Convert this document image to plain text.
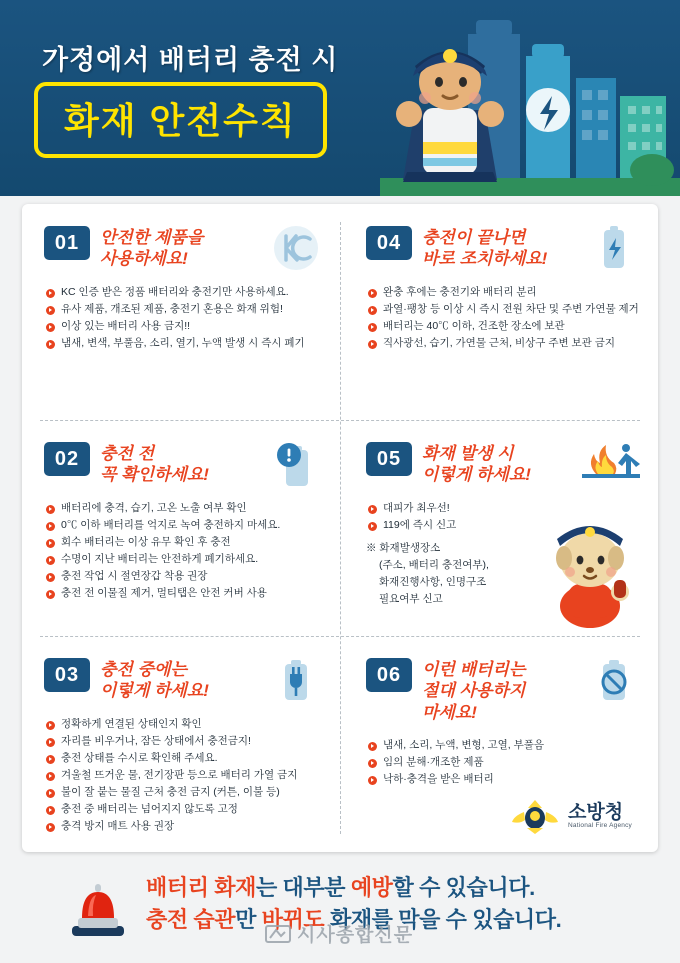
가정에서 배터리 충전 시
화재 안전수칙
01	안전한 제품을
사용하세요!
KC 인증 받은 정품 배터리와 충전기만 사용하세요.
유사 제품, 개조된 제품, 충전기 혼용은 화재 위험!
이상 있는 배터리 사용 금지!!
냄새, 변색, 부풀음, 소리, 열기, 누액 발생 시 즉시 폐기
04	충전이 끝나면
바로 조치하세요!
완충 후에는 충전기와 배터리 분리
과열·팽창 등 이상 시 즉시 전원 차단 및 주변 가연물 제거
배터리는 40℃ 이하, 건조한 장소에 보관
직사광선, 습기, 가연물 근처, 비상구 주변 보관 금지
02	충전 전
꼭 확인하세요!
배터리에 충격, 습기, 고온 노출 여부 확인
0℃ 이하 배터리를 억지로 녹여 충전하지 마세요.
회수 배터리는 이상 유무 확인 후 충전
수명이 지난 배터리는 안전하게 폐기하세요.
충전 작업 시 절연장갑 착용 권장
충전 전 이물질 제거, 멀티탭은 안전 커버 사용
05	화재 발생 시
이렇게 하세요!
대피가 최우선!
119에 즉시 신고
※ 화재발생장소
(주소, 배터리 충전여부),
화재진행사항, 인명구조
필요여부 신고
03	충전 중에는
이렇게 하세요!
정확하게 연결된 상태인지 확인
자리를 비우거나, 잠든 상태에서 충전금지!
충전 상태를 수시로 확인해 주세요.
겨울철 뜨거운 물, 전기장판 등으로 배터리 가열 금지
불이 잘 붙는 물질 근처 충전 금지 (커튼, 이불 등)
충전 중 배터리는 넘어지지 않도록 고정
충격 방지 매트 사용 권장
06	이런 배터리는
절대 사용하지
마세요!
냄새, 소리, 누액, 변형, 고열, 부풀음
임의 분해·개조한 제품
낙하·충격을 받은 배터리
소방청
National Fire Agency
배터리 화재는 대부분 예방할 수 있습니다.
충전 습관만 바뀌도 화재를 막을 수 있습니다.
시사종합신문
